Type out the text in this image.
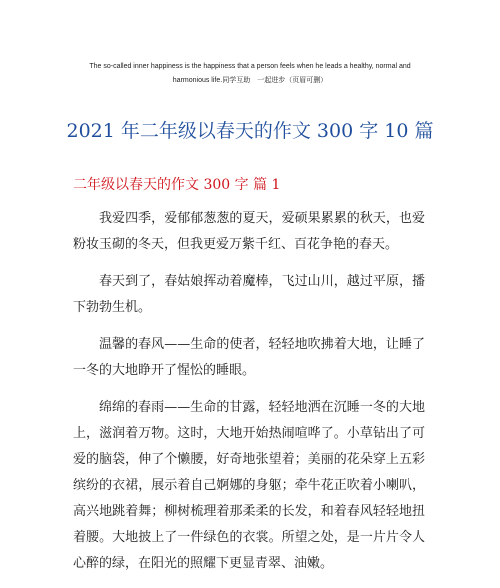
The so-called inner happiness is the happiness that a person feels when he leads a healthy, normal and
harmonious life.同学互助　一起进步（页眉可删）
2021 年二年级以春天的作文 300 字 10 篇
二年级以春天的作文 300 字 篇 1

我爱四季，爱郁郁葱葱的夏天，爱硕果累累的秋天，也爱粉妆玉砌的冬天，但我更爱万紫千红、百花争艳的春天。

春天到了，春姑娘挥动着魔棒，飞过山川，越过平原，播下勃勃生机。

温馨的春风——生命的使者，轻轻地吹拂着大地，让睡了一冬的大地睁开了惺忪的睡眼。

绵绵的春雨——生命的甘露，轻轻地洒在沉睡一冬的大地上，滋润着万物。这时，大地开始热闹喧哗了。小草钻出了可爱的脑袋，伸了个懒腰，好奇地张望着；美丽的花朵穿上五彩缤纷的衣裙，展示着自己婀娜的身躯；牵牛花正吹着小喇叭，高兴地跳着舞；柳树梳理着那柔柔的长发，和着春风轻轻地扭着腰。大地披上了一件绿色的衣裳。所望之处，是一片片令人心醉的绿，在阳光的照耀下更显青翠、油嫩。
